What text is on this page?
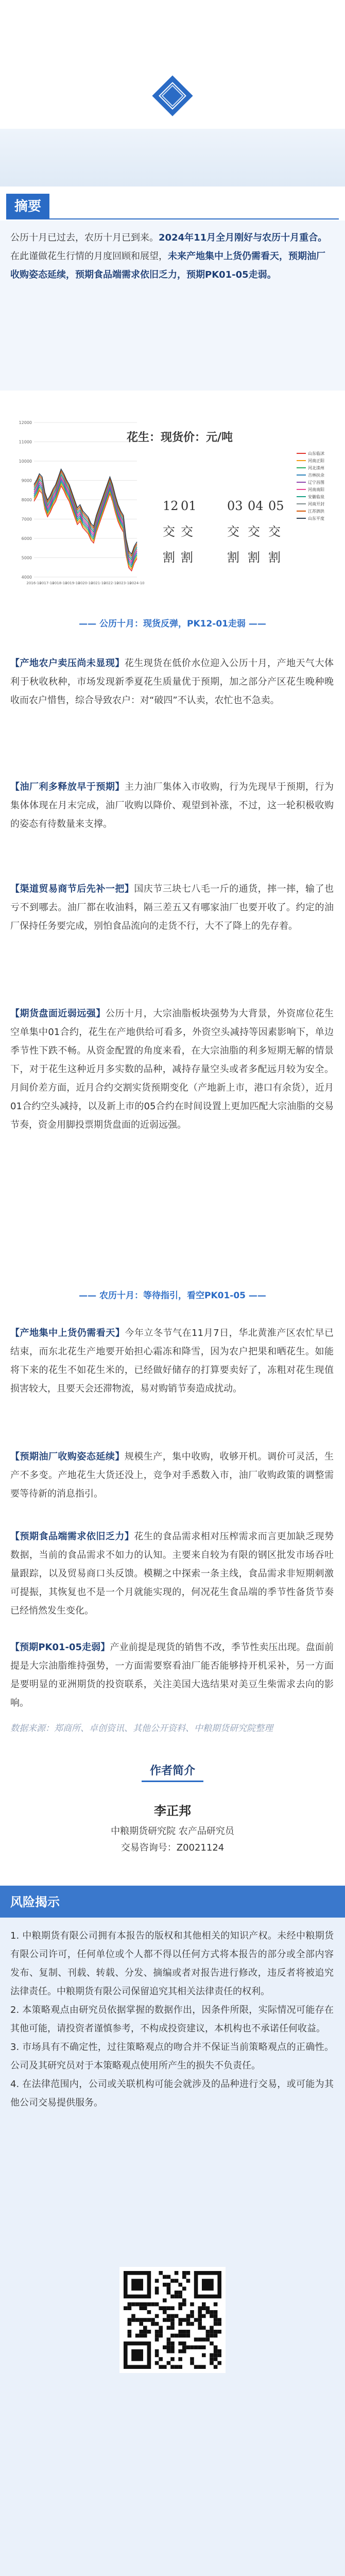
摘要
公历十月已过去，农历十月已到来。2024年11月全月刚好与农历十月重合。在此谨做花生行情的月度回顾和展望，未来产地集中上货仍需看天，预期油厂收购姿态延续，预期食品端需求依旧乏力，预期PK01-05走弱。
12000
11000
10000
9000
8000
7000
6000
5000
4000
2016-10
2017-10
2018-10
2019-10
2020-10
2021-10
2022-10
2023-10
2024-10
花生：现货价：元/吨
山东临沭
河南正阳
河北滦州
吉林扶余
辽宁昌图
河南南阳
安徽临泉
河南开封
江苏泗洪
山东平度
12 01
交 交
割 割
03 04 05
交 交 交
割 割 割
—— 公历十月：现货反弹，PK12-01走弱 ——
【产地农户卖压尚未显现】花生现货在低价水位迎入公历十月，产地天气大体利于秋收秋种，市场发现新季夏花生质量优于预期，加之部分产区花生晚种晚收而农户惜售，综合导致农户：对“破四”不认卖，农忙也不急卖。
【油厂利多释放早于预期】主力油厂集体入市收购，行为先现早于预期，行为集体体现在月末完成，油厂收购以降价、观望到补涨，不过，这一轮积极收购的姿态有待数量来支撑。
【渠道贸易商节后先补一把】国庆节三块七八毛一斤的通货，摔一摔，输了也亏不到哪去。油厂都在收油料，隔三差五又有哪家油厂也要开收了。约定的油厂保持任务要完成，别怕食品流向的走货不行，大不了降上的先存着。
【期货盘面近弱远强】公历十月，大宗油脂板块强势为大背景，外资席位花生空单集中01合约，花生在产地供给可看多，外资空头减持等因素影响下，单边季节性下跌不畅。从资金配置的角度来看，在大宗油脂的利多短期无解的情景下，对于花生这种近月多实数的品种，减持存量空头或者多配远月较为安全。月间价差方面，近月合约交割实货预期变化（产地新上市，港口有余货），近月01合约空头减持，以及新上市的05合约在时间设置上更加匹配大宗油脂的交易节奏，资金用脚投票期货盘面的近弱远强。
—— 农历十月：等待指引，看空PK01-05 ——
【产地集中上货仍需看天】今年立冬节气在11月7日，华北黄淮产区农忙早已结束，而东北花生产地要开始担心霜冻和降雪，因为农户把果和晒花生。如能将下来的花生不如花生米的，已经做好储存的打算要卖好了，冻粗对花生现值损害较大，且要天会还滞物流，易对购销节奏造成扰动。
【预期油厂收购姿态延续】规模生产，集中收购，收够开机。调价可灵活，生产不多变。产地花生大货还没上，竞争对手悉数入市，油厂收购政策的调整需要等待新的消息指引。
【预期食品端需求依旧乏力】花生的食品需求相对压榨需求而言更加缺乏现势数据，当前的食品需求不如力的认知。主要来自较为有限的钢区批发市场吞吐量跟踪，以及贸易商口头反馈。模糊之中探索一条主线，食品需求非短期刺激可提振，其恢复也不是一个月就能实现的，何况花生食品端的季节性备货节奏已经悄然发生变化。
【预期PK01-05走弱】产业前提是现货的销售不改，季节性卖压出现。盘面前提是大宗油脂维持强势，一方面需要察看油厂能否能够持开机采补，另一方面是要明显的亚洲期货的投资联系，关注美国大选结果对美豆生柴需求去向的影响。
数据来源：郑商所、卓创资讯、其他公开资料、中粮期货研究院整理
作者简介
李正邦
中粮期货研究院 农产品研究员
交易咨询号：Z0021124
风险揭示

1. 中粮期货有限公司拥有本报告的版权和其他相关的知识产权。未经中粮期货有限公司许可，任何单位或个人都不得以任何方式将本报告的部分或全部内容发布、复制、刊载、转载、分发、摘编或者对报告进行修改，违反者将被追究法律责任。中粮期货有限公司保留追究其相关法律责任的权利。

2. 本策略观点由研究员依据掌握的数据作出，因条件所限，实际情况可能存在其他可能，请投资者谨慎参考，不构成投资建议，本机构也不承诺任何收益。

3. 市场具有不确定性，过往策略观点的吻合并不保证当前策略观点的正确性。公司及其研究员对于本策略观点使用所产生的损失不负责任。

4. 在法律范围内，公司或关联机构可能会就涉及的品种进行交易，或可能为其他公司交易提供服务。
